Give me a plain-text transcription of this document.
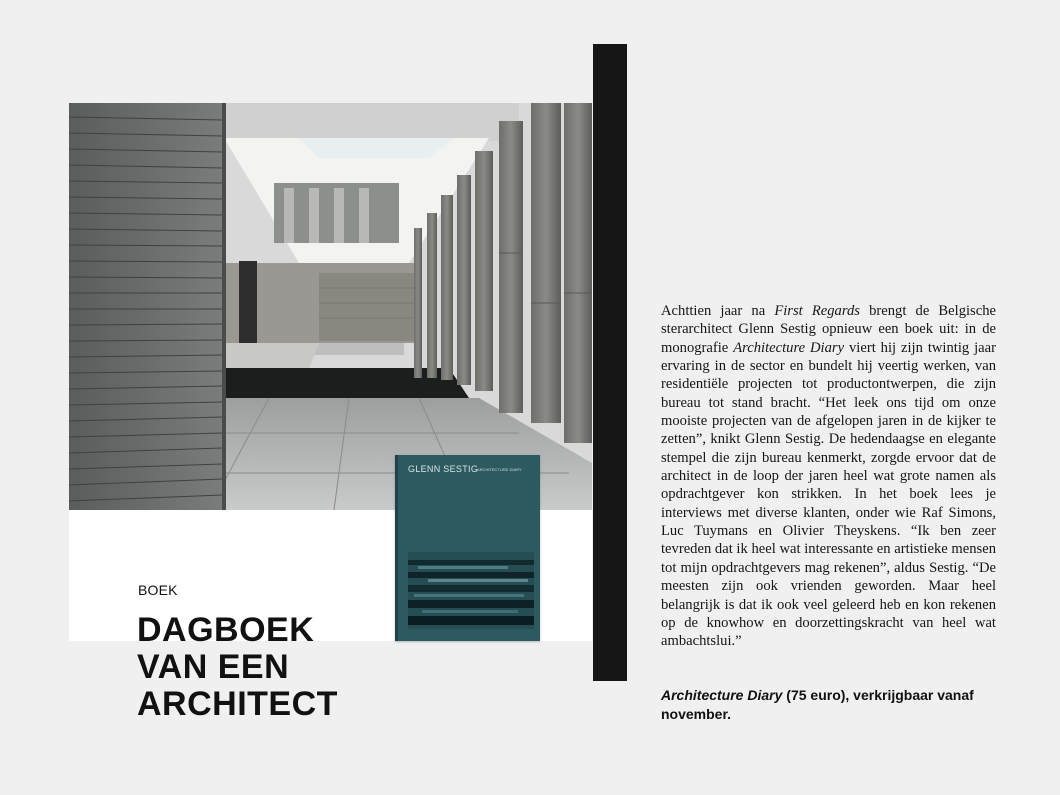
GLENN SESTIG
ARCHITECTURE DIARY
BOEK
DAGBOEK
VAN EEN
ARCHITECT

Achttien jaar na First Regards brengt de Belgische sterarchitect Glenn Sestig opnieuw een boek uit: in de monografie Architecture Diary viert hij zijn twintig jaar ervaring in de sector en bundelt hij veertig werken, van residentiële projecten tot productontwerpen, die zijn bureau tot stand bracht. “Het leek ons tijd om onze mooiste projecten van de afgelopen jaren in de kijker te zetten”, knikt Glenn Sestig. De hedendaagse en elegante stempel die zijn bureau kenmerkt, zorgde ervoor dat de architect in de loop der jaren heel wat grote namen als opdrachtgever kon strikken. In het boek lees je interviews met diverse klanten, onder wie Raf Simons, Luc Tuymans en Olivier Theyskens. “Ik ben zeer tevreden dat ik heel wat interessante en artistieke mensen tot mijn opdrachtgevers mag rekenen”, aldus Sestig. “De meesten zijn ook vrienden geworden. Maar heel belangrijk is dat ik ook veel geleerd heb en kon rekenen op de knowhow en doorzettingskracht van heel wat ambachtslui.”

Architecture Diary (75 euro), verkrijgbaar vanaf november.
